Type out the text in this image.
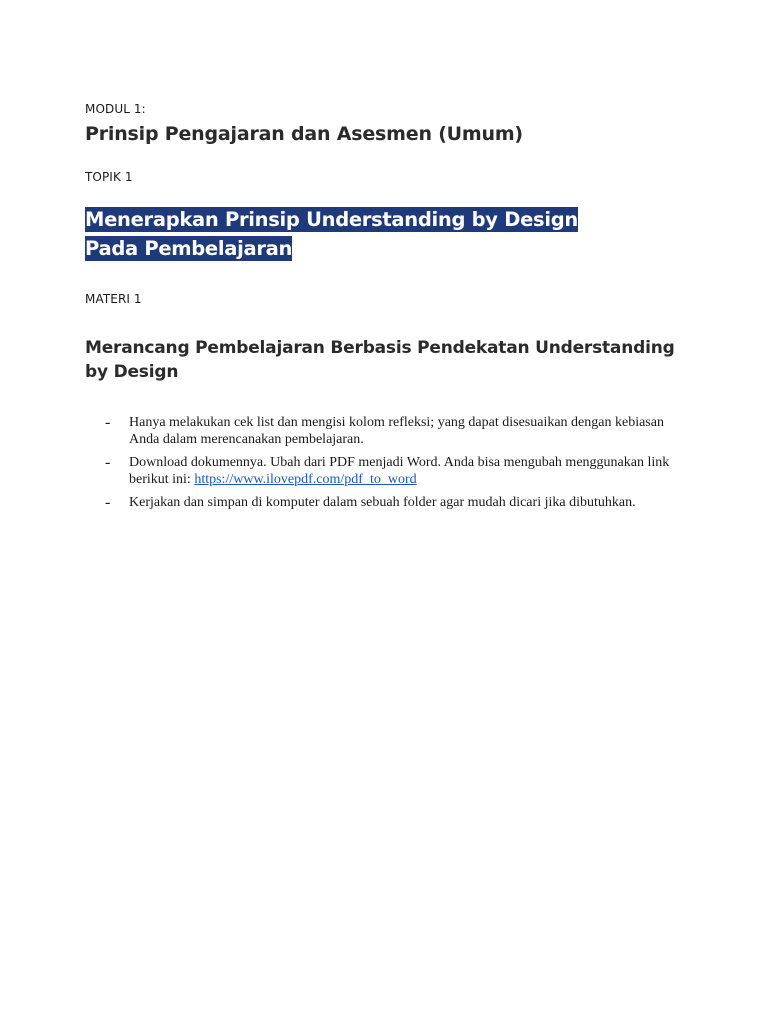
MODUL 1:
Prinsip Pengajaran dan Asesmen (Umum)
TOPIK 1
Menerapkan Prinsip Understanding by Design Pada Pembelajaran
MATERI 1
Merancang Pembelajaran Berbasis Pendekatan Understanding by Design
- Hanya melakukan cek list dan mengisi kolom refleksi; yang dapat disesuaikan dengan kebiasan Anda dalam merencanakan pembelajaran.
- Download dokumennya. Ubah dari PDF menjadi Word. Anda bisa mengubah menggunakan link berikut ini: https://www.ilovepdf.com/pdf_to_word
- Kerjakan dan simpan di komputer dalam sebuah folder agar mudah dicari jika dibutuhkan.
